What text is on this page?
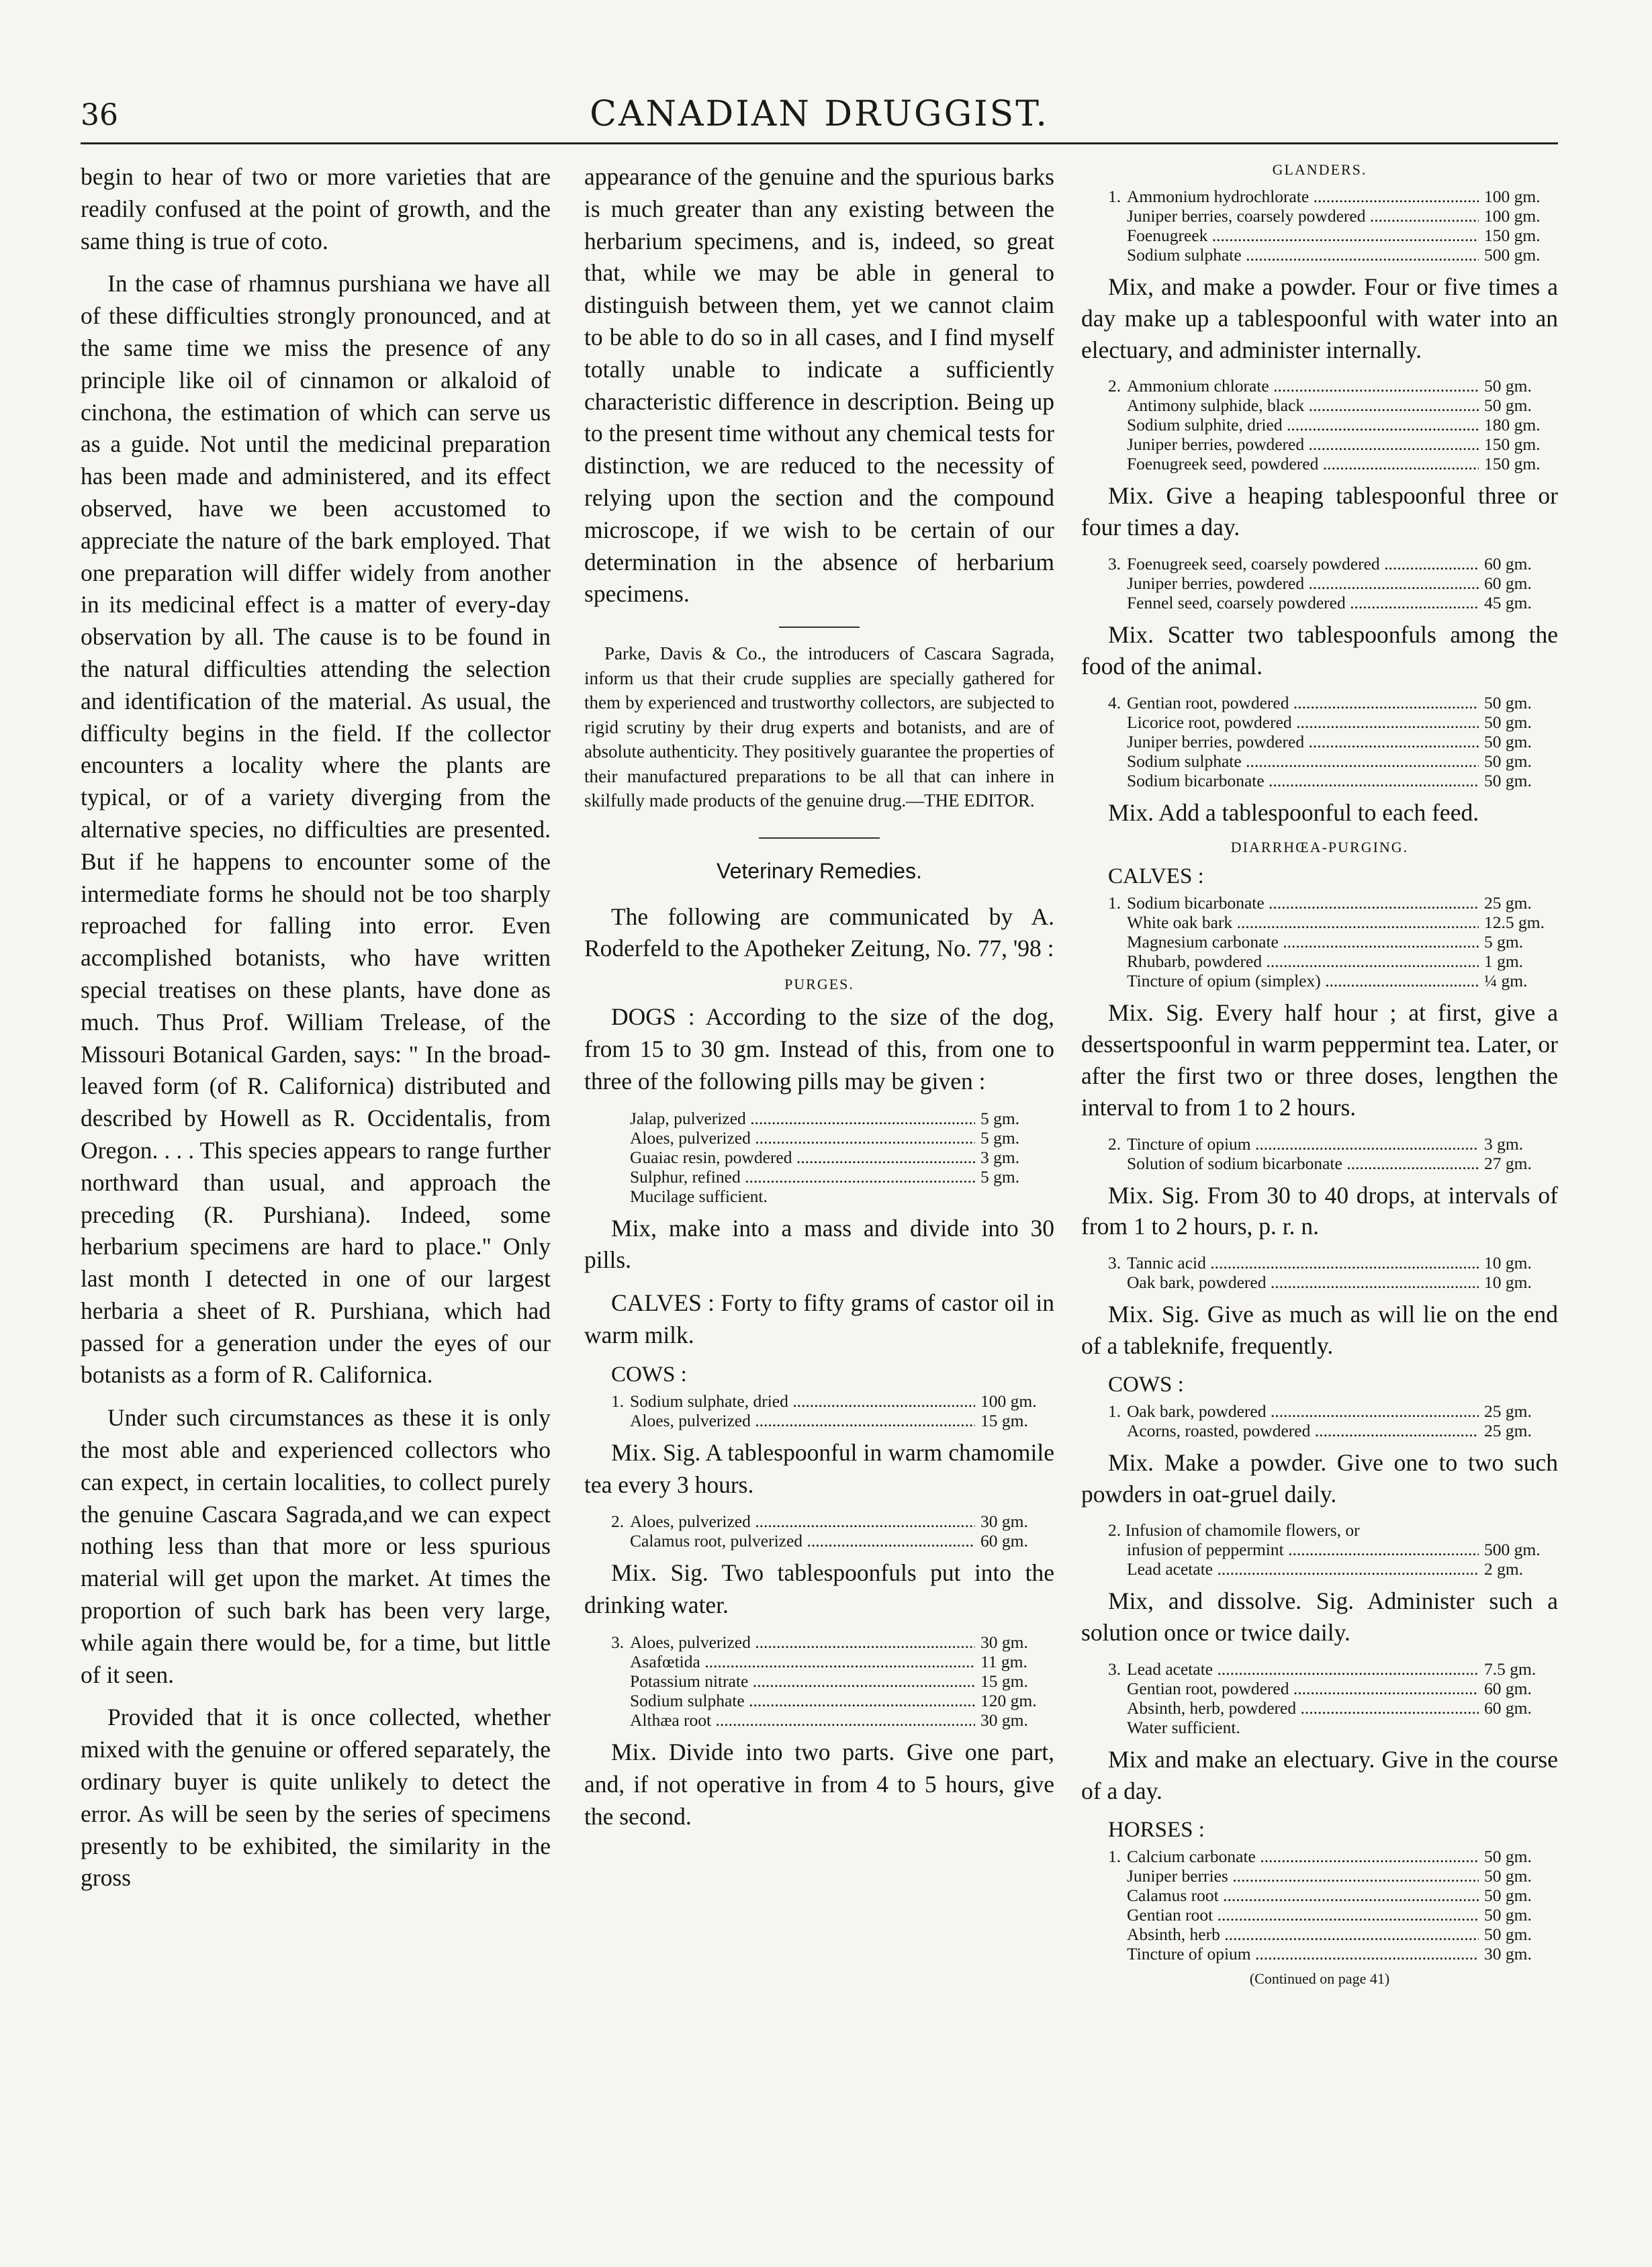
36	CANADIAN DRUGGIST.

begin to hear of two or more varieties that are readily confused at the point of growth, and the same thing is true of coto.

In the case of rhamnus purshiana we have all of these difficulties strongly pronounced, and at the same time we miss the presence of any principle like oil of cinnamon or alkaloid of cinchona, the estimation of which can serve us as a guide. Not until the medicinal preparation has been made and administered, and its effect observed, have we been accustomed to appreciate the nature of the bark employed. That one preparation will differ widely from another in its medicinal effect is a matter of every-day observation by all. The cause is to be found in the natural difficulties attending the selection and identification of the material. As usual, the difficulty begins in the field. If the collector encounters a locality where the plants are typical, or of a variety diverging from the alternative species, no difficulties are presented. But if he happens to encounter some of the intermediate forms he should not be too sharply reproached for falling into error. Even accomplished botanists, who have written special treatises on these plants, have done as much. Thus Prof. William Trelease, of the Missouri Botanical Garden, says: " In the broad-leaved form (of R. Californica) distributed and described by Howell as R. Occidentalis, from Oregon. . . . This species appears to range further northward than usual, and approach the preceding (R. Purshiana). Indeed, some herbarium specimens are hard to place." Only last month I detected in one of our largest herbaria a sheet of R. Purshiana, which had passed for a generation under the eyes of our botanists as a form of R. Californica.

Under such circumstances as these it is only the most able and experienced collectors who can expect, in certain localities, to collect purely the genuine Cascara Sagrada,and we can expect nothing less than that more or less spurious material will get upon the market. At times the proportion of such bark has been very large, while again there would be, for a time, but little of it seen.

Provided that it is once collected, whether mixed with the genuine or offered separately, the ordinary buyer is quite unlikely to detect the error. As will be seen by the series of specimens presently to be exhibited, the similarity in the gross

appearance of the genuine and the spurious barks is much greater than any existing between the herbarium specimens, and is, indeed, so great that, while we may be able in general to distinguish between them, yet we cannot claim to be able to do so in all cases, and I find myself totally unable to indicate a sufficiently characteristic difference in description. Being up to the present time without any chemical tests for distinction, we are reduced to the necessity of relying upon the section and the compound microscope, if we wish to be certain of our determination in the absence of herbarium specimens.

Parke, Davis & Co., the introducers of Cascara Sagrada, inform us that their crude supplies are specially gathered for them by experienced and trustworthy collectors, are subjected to rigid scrutiny by their drug experts and botanists, and are of absolute authenticity. They positively guarantee the properties of their manufactured preparations to be all that can inhere in skilfully made products of the genuine drug.—THE EDITOR.

Veterinary Remedies.

The following are communicated by A. Roderfeld to the Apotheker Zeitung, No. 77, '98 :

PURGES.

DOGS : According to the size of the dog, from 15 to 30 gm. Instead of this, from one to three of the following pills may be given :

Jalap, pulverized .....	5 gm.
Aloes, pulverized .....	5 gm.
Guaiac resin, powdered .....	3 gm.
Sulphur, refined .....	5 gm.
Mucilage sufficient.

Mix, make into a mass and divide into 30 pills.

CALVES : Forty to fifty grams of castor oil in warm milk.

COWS :
1. Sodium sulphate, dried .....	100 gm.
Aloes, pulverized .....	15 gm.

Mix. Sig. A tablespoonful in warm chamomile tea every 3 hours.

2. Aloes, pulverized .....	30 gm.
Calamus root, pulverized .....	60 gm.

Mix. Sig. Two tablespoonfuls put into the drinking water.

3. Aloes, pulverized .....	30 gm.
Asafœtida .....	11 gm.
Potassium nitrate .....	15 gm.
Sodium sulphate .....	120 gm.
Althæa root .....	30 gm.

Mix. Divide into two parts. Give one part, and, if not operative in from 4 to 5 hours, give the second.

GLANDERS.
1. Ammonium hydrochlorate .....	100 gm.
Juniper berries, coarsely powdered .....	100 gm.
Foenugreek .....	150 gm.
Sodium sulphate .....	500 gm.

Mix, and make a powder. Four or five times a day make up a tablespoonful with water into an electuary, and administer internally.

2. Ammonium chlorate .....	50 gm.
Antimony sulphide, black .....	50 gm.
Sodium sulphite, dried .....	180 gm.
Juniper berries, powdered .....	150 gm.
Foenugreek seed, powdered .....	150 gm.

Mix. Give a heaping tablespoonful three or four times a day.

3. Foenugreek seed, coarsely powdered .....	60 gm.
Juniper berries, powdered .....	60 gm.
Fennel seed, coarsely powdered .....	45 gm.

Mix. Scatter two tablespoonfuls among the food of the animal.

4. Gentian root, powdered .....	50 gm.
Licorice root, powdered .....	50 gm.
Juniper berries, powdered .....	50 gm.
Sodium sulphate .....	50 gm.
Sodium bicarbonate .....	50 gm.

Mix. Add a tablespoonful to each feed.

DIARRHŒA-PURGING.
CALVES :
1. Sodium bicarbonate .....	25 gm.
White oak bark .....	12.5 gm.
Magnesium carbonate .....	5 gm.
Rhubarb, powdered .....	1 gm.
Tincture of opium (simplex) .....	¼ gm.

Mix. Sig. Every half hour ; at first, give a dessertspoonful in warm peppermint tea. Later, or after the first two or three doses, lengthen the interval to from 1 to 2 hours.

2. Tincture of opium .....	3 gm.
Solution of sodium bicarbonate .....	27 gm.

Mix. Sig. From 30 to 40 drops, at intervals of from 1 to 2 hours, p. r. n.

3. Tannic acid .....	10 gm.
Oak bark, powdered .....	10 gm.

Mix. Sig. Give as much as will lie on the end of a tableknife, frequently.

COWS :
1. Oak bark, powdered .....	25 gm.
Acorns, roasted, powdered .....	25 gm.

Mix. Make a powder. Give one to two such powders in oat-gruel daily.

2. Infusion of chamomile flowers, or
infusion of peppermint .....	500 gm.
Lead acetate .....	2 gm.

Mix, and dissolve. Sig. Administer such a solution once or twice daily.

3. Lead acetate .....	7.5 gm.
Gentian root, powdered .....	60 gm.
Absinth, herb, powdered .....	60 gm.
Water sufficient.

Mix and make an electuary. Give in the course of a day.

HORSES :
1. Calcium carbonate .....	50 gm.
Juniper berries .....	50 gm.
Calamus root .....	50 gm.
Gentian root .....	50 gm.
Absinth, herb .....	50 gm.
Tincture of opium .....	30 gm.
(Continued on page 41)
